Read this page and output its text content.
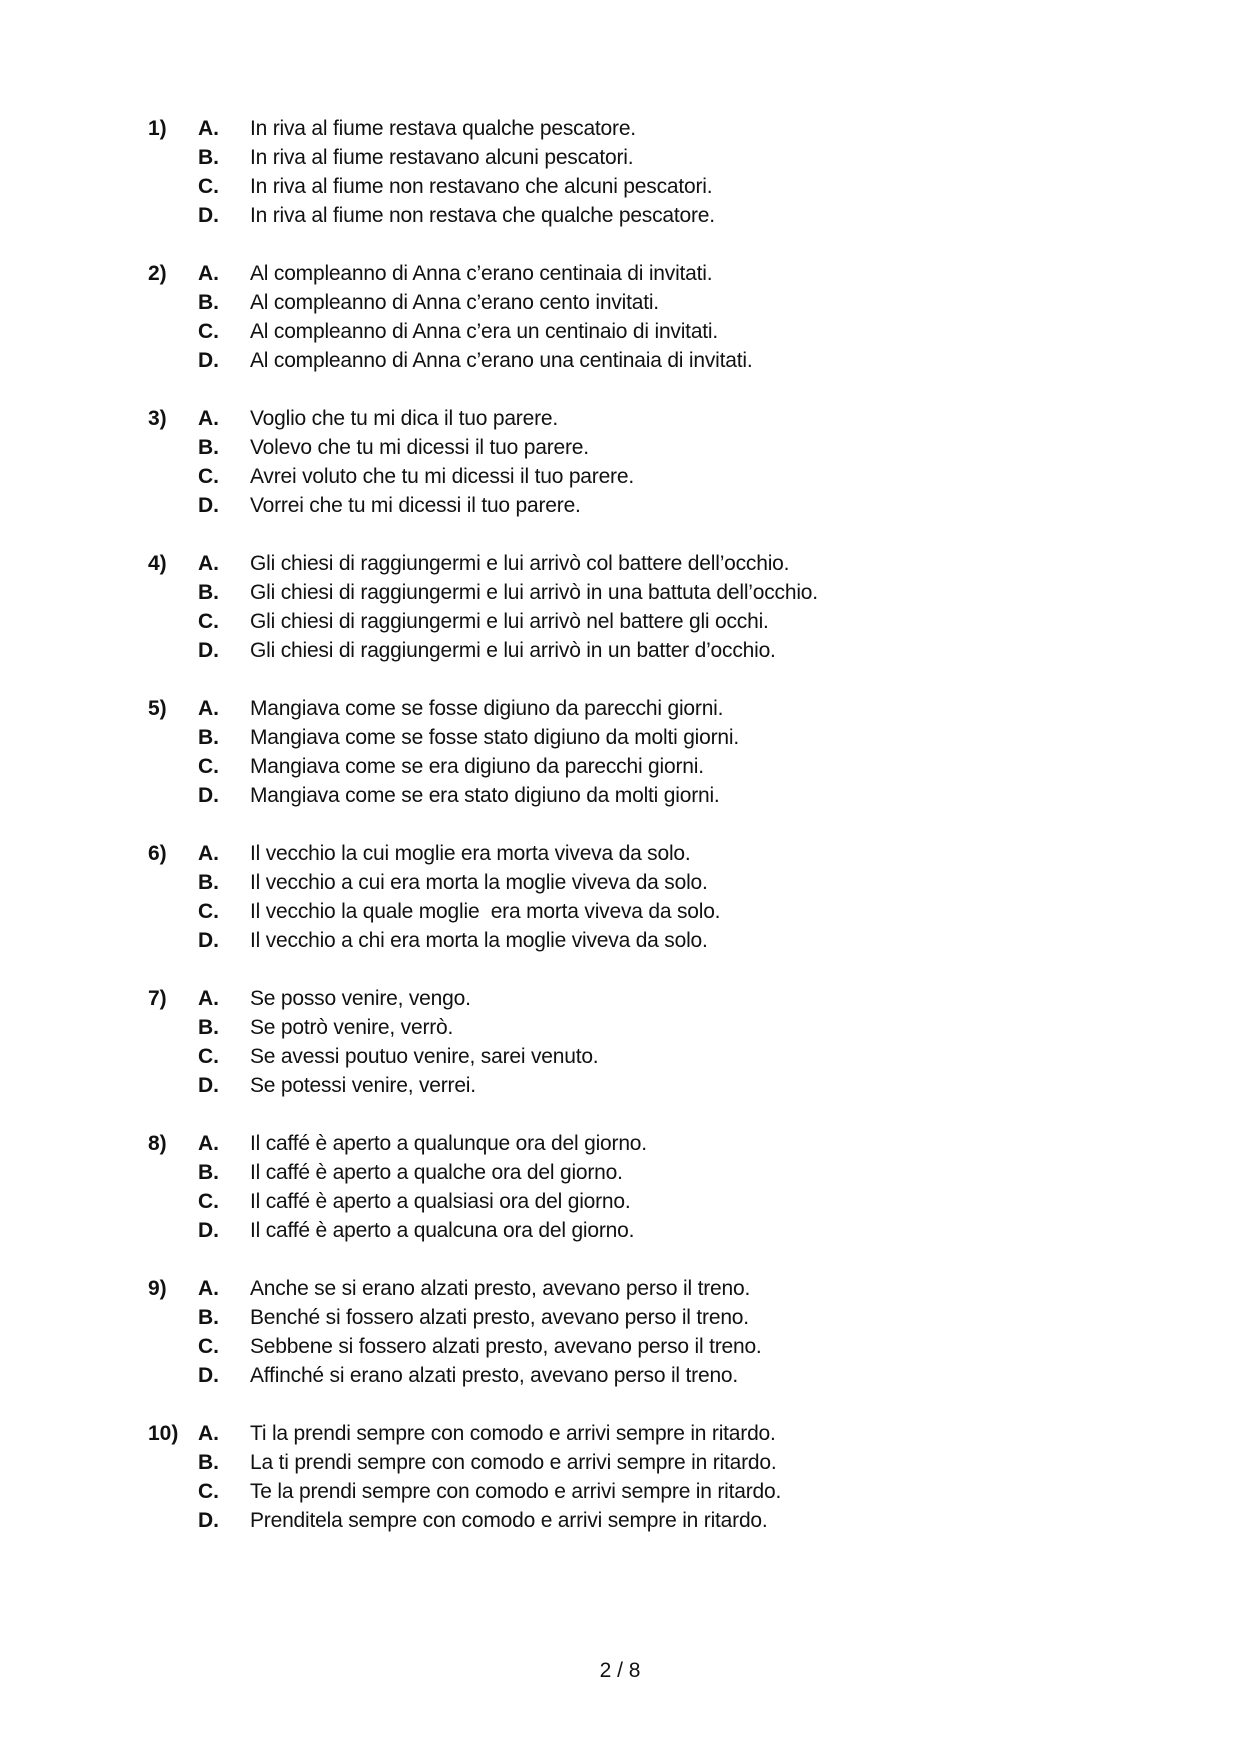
1)	A.	In riva al fiume restava qualche pescatore.
B.	In riva al fiume restavano alcuni pescatori.
C.	In riva al fiume non restavano che alcuni pescatori.
D.	In riva al fiume non restava che qualche pescatore.
2)	A.	Al compleanno di Anna c’erano centinaia di invitati.
B.	Al compleanno di Anna c’erano cento invitati.
C.	Al compleanno di Anna c’era un centinaio di invitati.
D.	Al compleanno di Anna c’erano una centinaia di invitati.
3)	A.	Voglio che tu mi dica il tuo parere.
B.	Volevo che tu mi dicessi il tuo parere.
C.	Avrei voluto che tu mi dicessi il tuo parere.
D.	Vorrei che tu mi dicessi il tuo parere.
4)	A.	Gli chiesi di raggiungermi e lui arrivò col battere dell’occhio.
B.	Gli chiesi di raggiungermi e lui arrivò in una battuta dell’occhio.
C.	Gli chiesi di raggiungermi e lui arrivò nel battere gli occhi.
D.	Gli chiesi di raggiungermi e lui arrivò in un batter d’occhio.
5)	A.	Mangiava come se fosse digiuno da parecchi giorni.
B.	Mangiava come se fosse stato digiuno da molti giorni.
C.	Mangiava come se era digiuno da parecchi giorni.
D.	Mangiava come se era stato digiuno da molti giorni.
6)	A.	Il vecchio la cui moglie era morta viveva da solo.
B.	Il vecchio a cui era morta la moglie viveva da solo.
C.	Il vecchio la quale moglie  era morta viveva da solo.
D.	Il vecchio a chi era morta la moglie viveva da solo.
7)	A.	Se posso venire, vengo.
B.	Se potrò venire, verrò.
C.	Se avessi poutuo venire, sarei venuto.
D.	Se potessi venire, verrei.
8)	A.	Il caffé è aperto a qualunque ora del giorno.
B.	Il caffé è aperto a qualche ora del giorno.
C.	Il caffé è aperto a qualsiasi ora del giorno.
D.	Il caffé è aperto a qualcuna ora del giorno.
9)	A.	Anche se si erano alzati presto, avevano perso il treno.
B.	Benché si fossero alzati presto, avevano perso il treno.
C.	Sebbene si fossero alzati presto, avevano perso il treno.
D.	Affinché si erano alzati presto, avevano perso il treno.
10) A.	Ti la prendi sempre con comodo e arrivi sempre in ritardo.
B.	La ti prendi sempre con comodo e arrivi sempre in ritardo.
C.	Te la prendi sempre con comodo e arrivi sempre in ritardo.
D.	Prenditela sempre con comodo e arrivi sempre in ritardo.
2 / 8
